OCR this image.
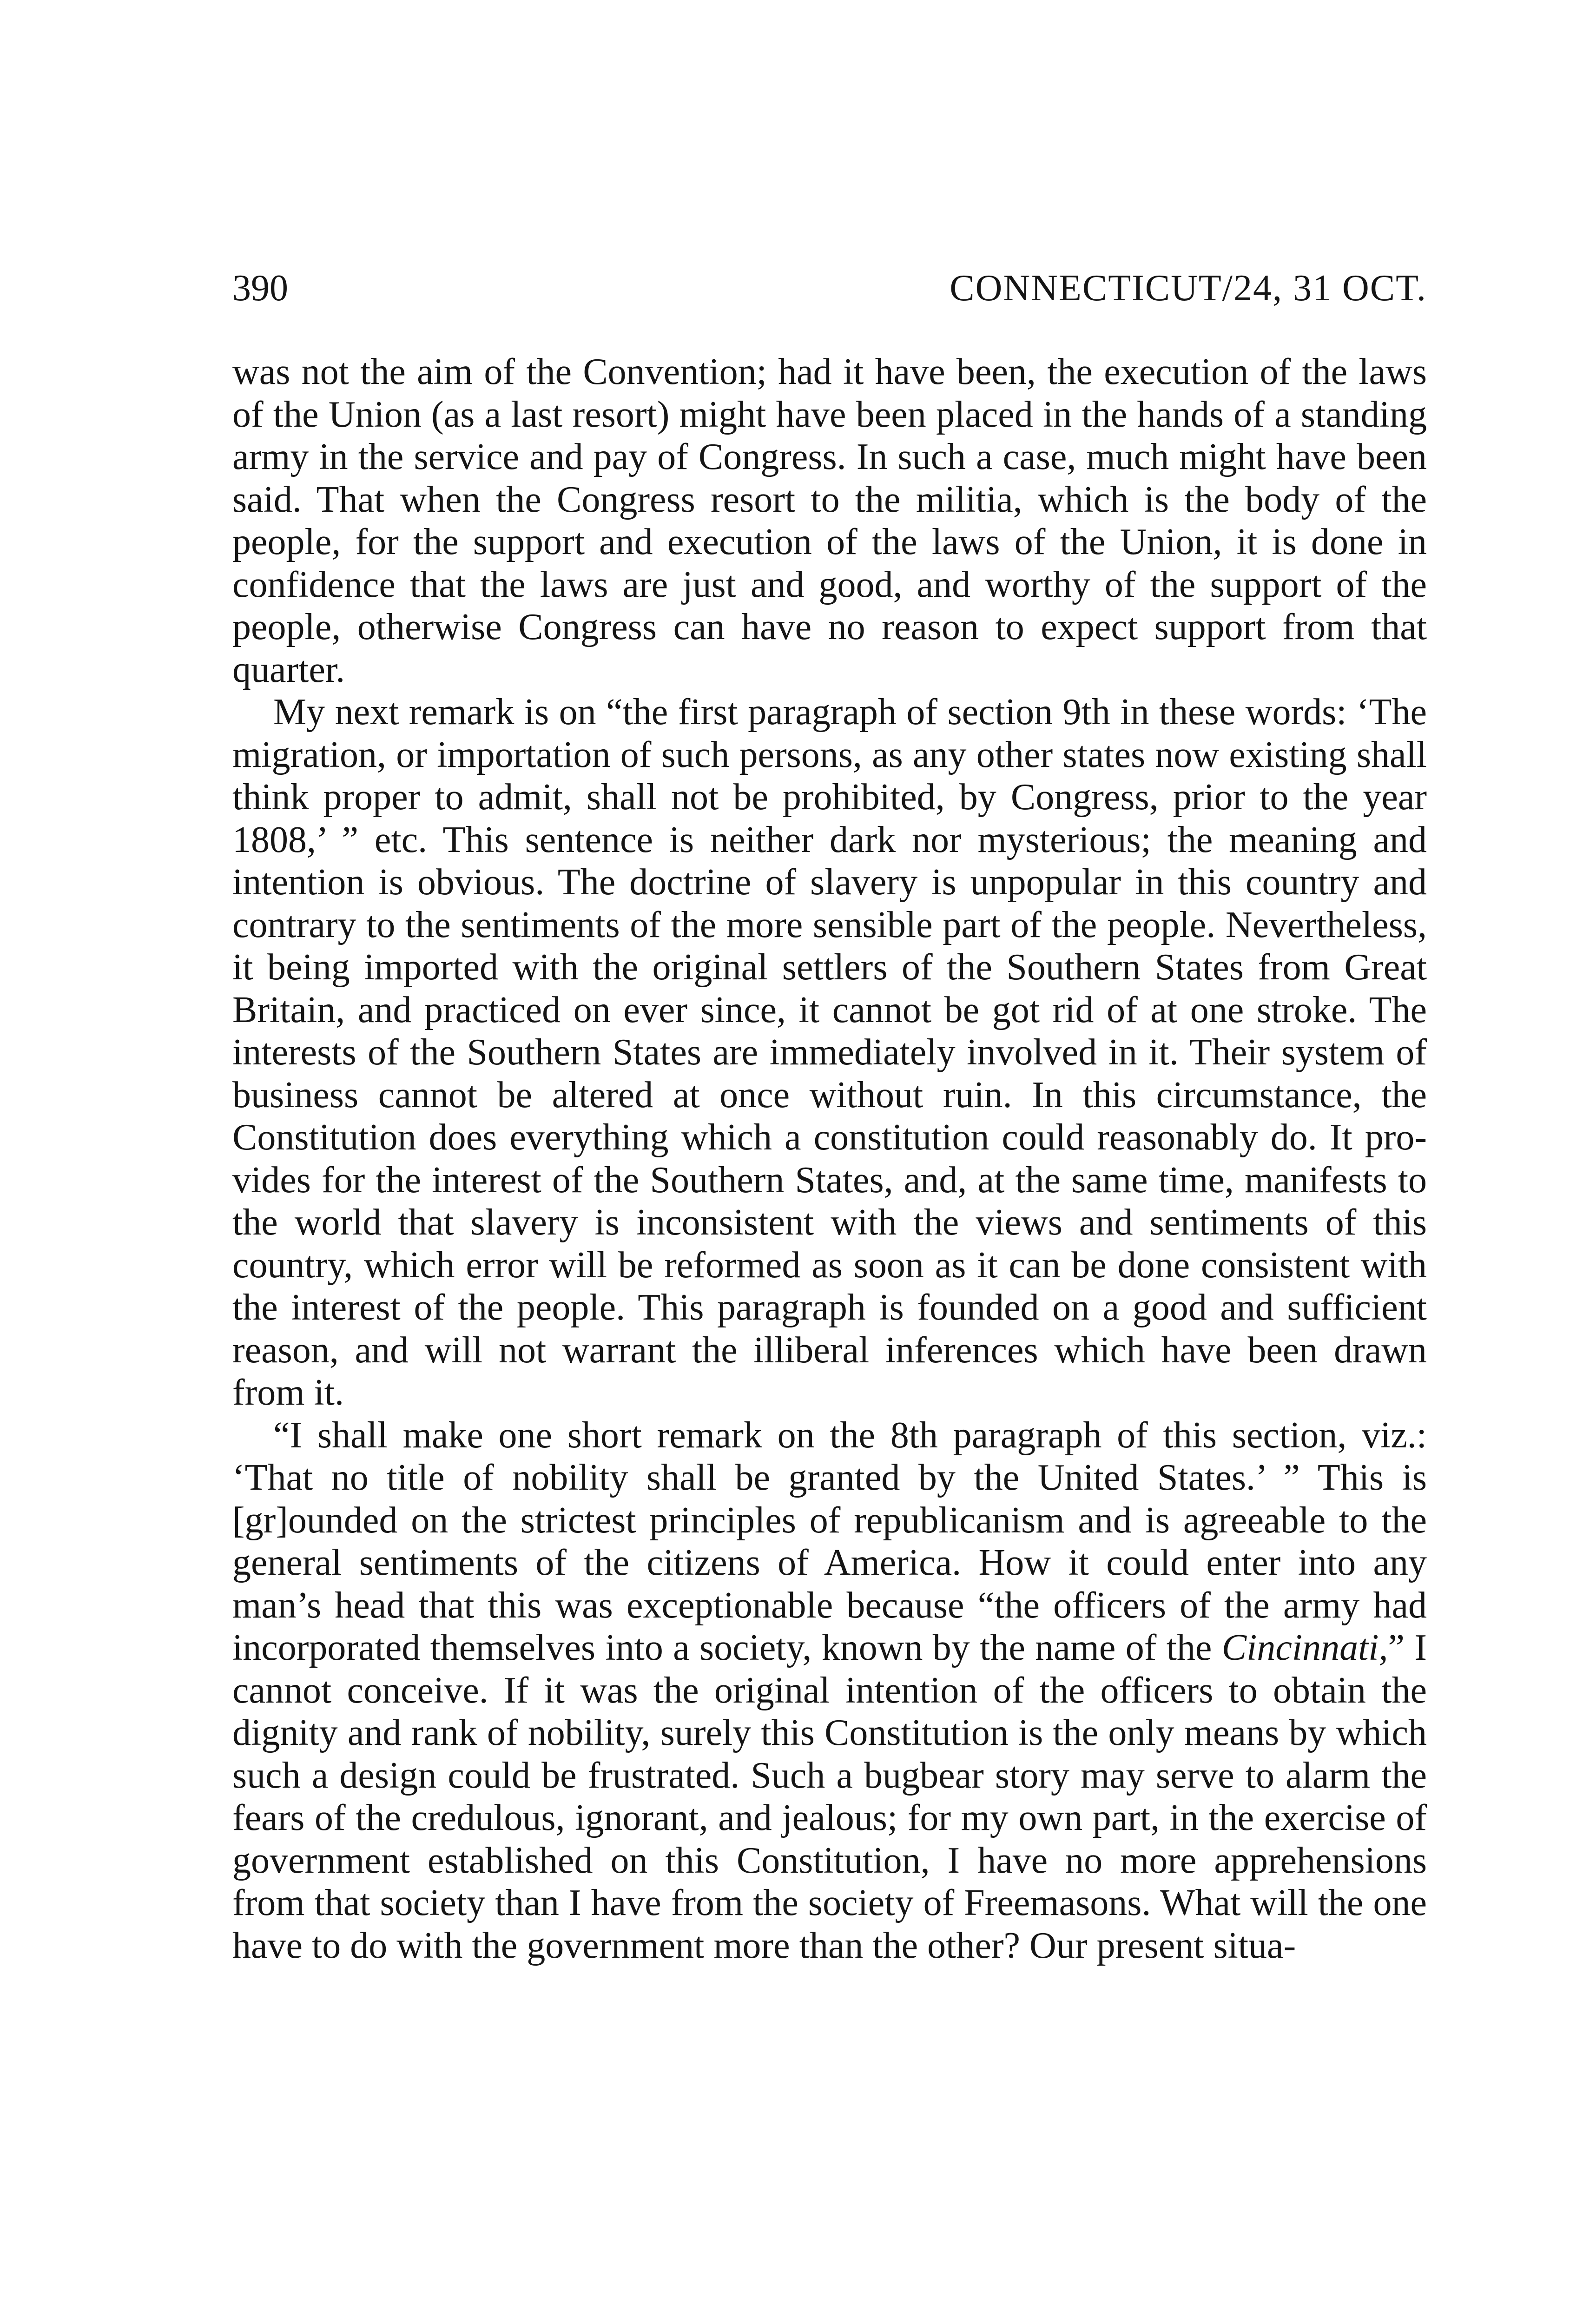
390	CONNECTICUT/24, 31 OCT.

was not the aim of the Convention; had it have been, the execution of the laws of the Union (as a last resort) might have been placed in the hands of a standing army in the service and pay of Congress. In such a case, much might have been said. That when the Congress resort to the militia, which is the body of the people, for the support and execution of the laws of the Union, it is done in confidence that the laws are just and good, and worthy of the support of the people, otherwise Congress can have no reason to expect support from that quarter.

My next remark is on “the first paragraph of section 9th in these words: ‘The migration, or importation of such persons, as any other states now existing shall think proper to admit, shall not be prohibited, by Congress, prior to the year 1808,’ ” etc. This sentence is neither dark nor mysterious; the meaning and intention is obvious. The doctrine of slavery is unpopular in this country and contrary to the sentiments of the more sensible part of the people. Nevertheless, it being imported with the original settlers of the Southern States from Great Britain, and practiced on ever since, it cannot be got rid of at one stroke. The interests of the Southern States are immediately involved in it. Their system of business cannot be altered at once without ruin. In this circumstance, the Constitution does everything which a constitution could reasonably do. It provides for the interest of the Southern States, and, at the same time, manifests to the world that slavery is inconsistent with the views and sentiments of this country, which error will be reformed as soon as it can be done consistent with the interest of the people. This paragraph is founded on a good and sufficient reason, and will not warrant the illiberal inferences which have been drawn from it.

“I shall make one short remark on the 8th paragraph of this section, viz.: ‘That no title of nobility shall be granted by the United States.’ ” This is [gr]ounded on the strictest principles of republicanism and is agreeable to the general sentiments of the citizens of America. How it could enter into any man’s head that this was exceptionable because “the officers of the army had incorporated themselves into a society, known by the name of the Cincinnati,” I cannot conceive. If it was the original intention of the officers to obtain the dignity and rank of nobility, surely this Constitution is the only means by which such a design could be frustrated. Such a bugbear story may serve to alarm the fears of the credulous, ignorant, and jealous; for my own part, in the exercise of government established on this Constitution, I have no more apprehensions from that society than I have from the society of Freemasons. What will the one have to do with the government more than the other? Our present situa-
